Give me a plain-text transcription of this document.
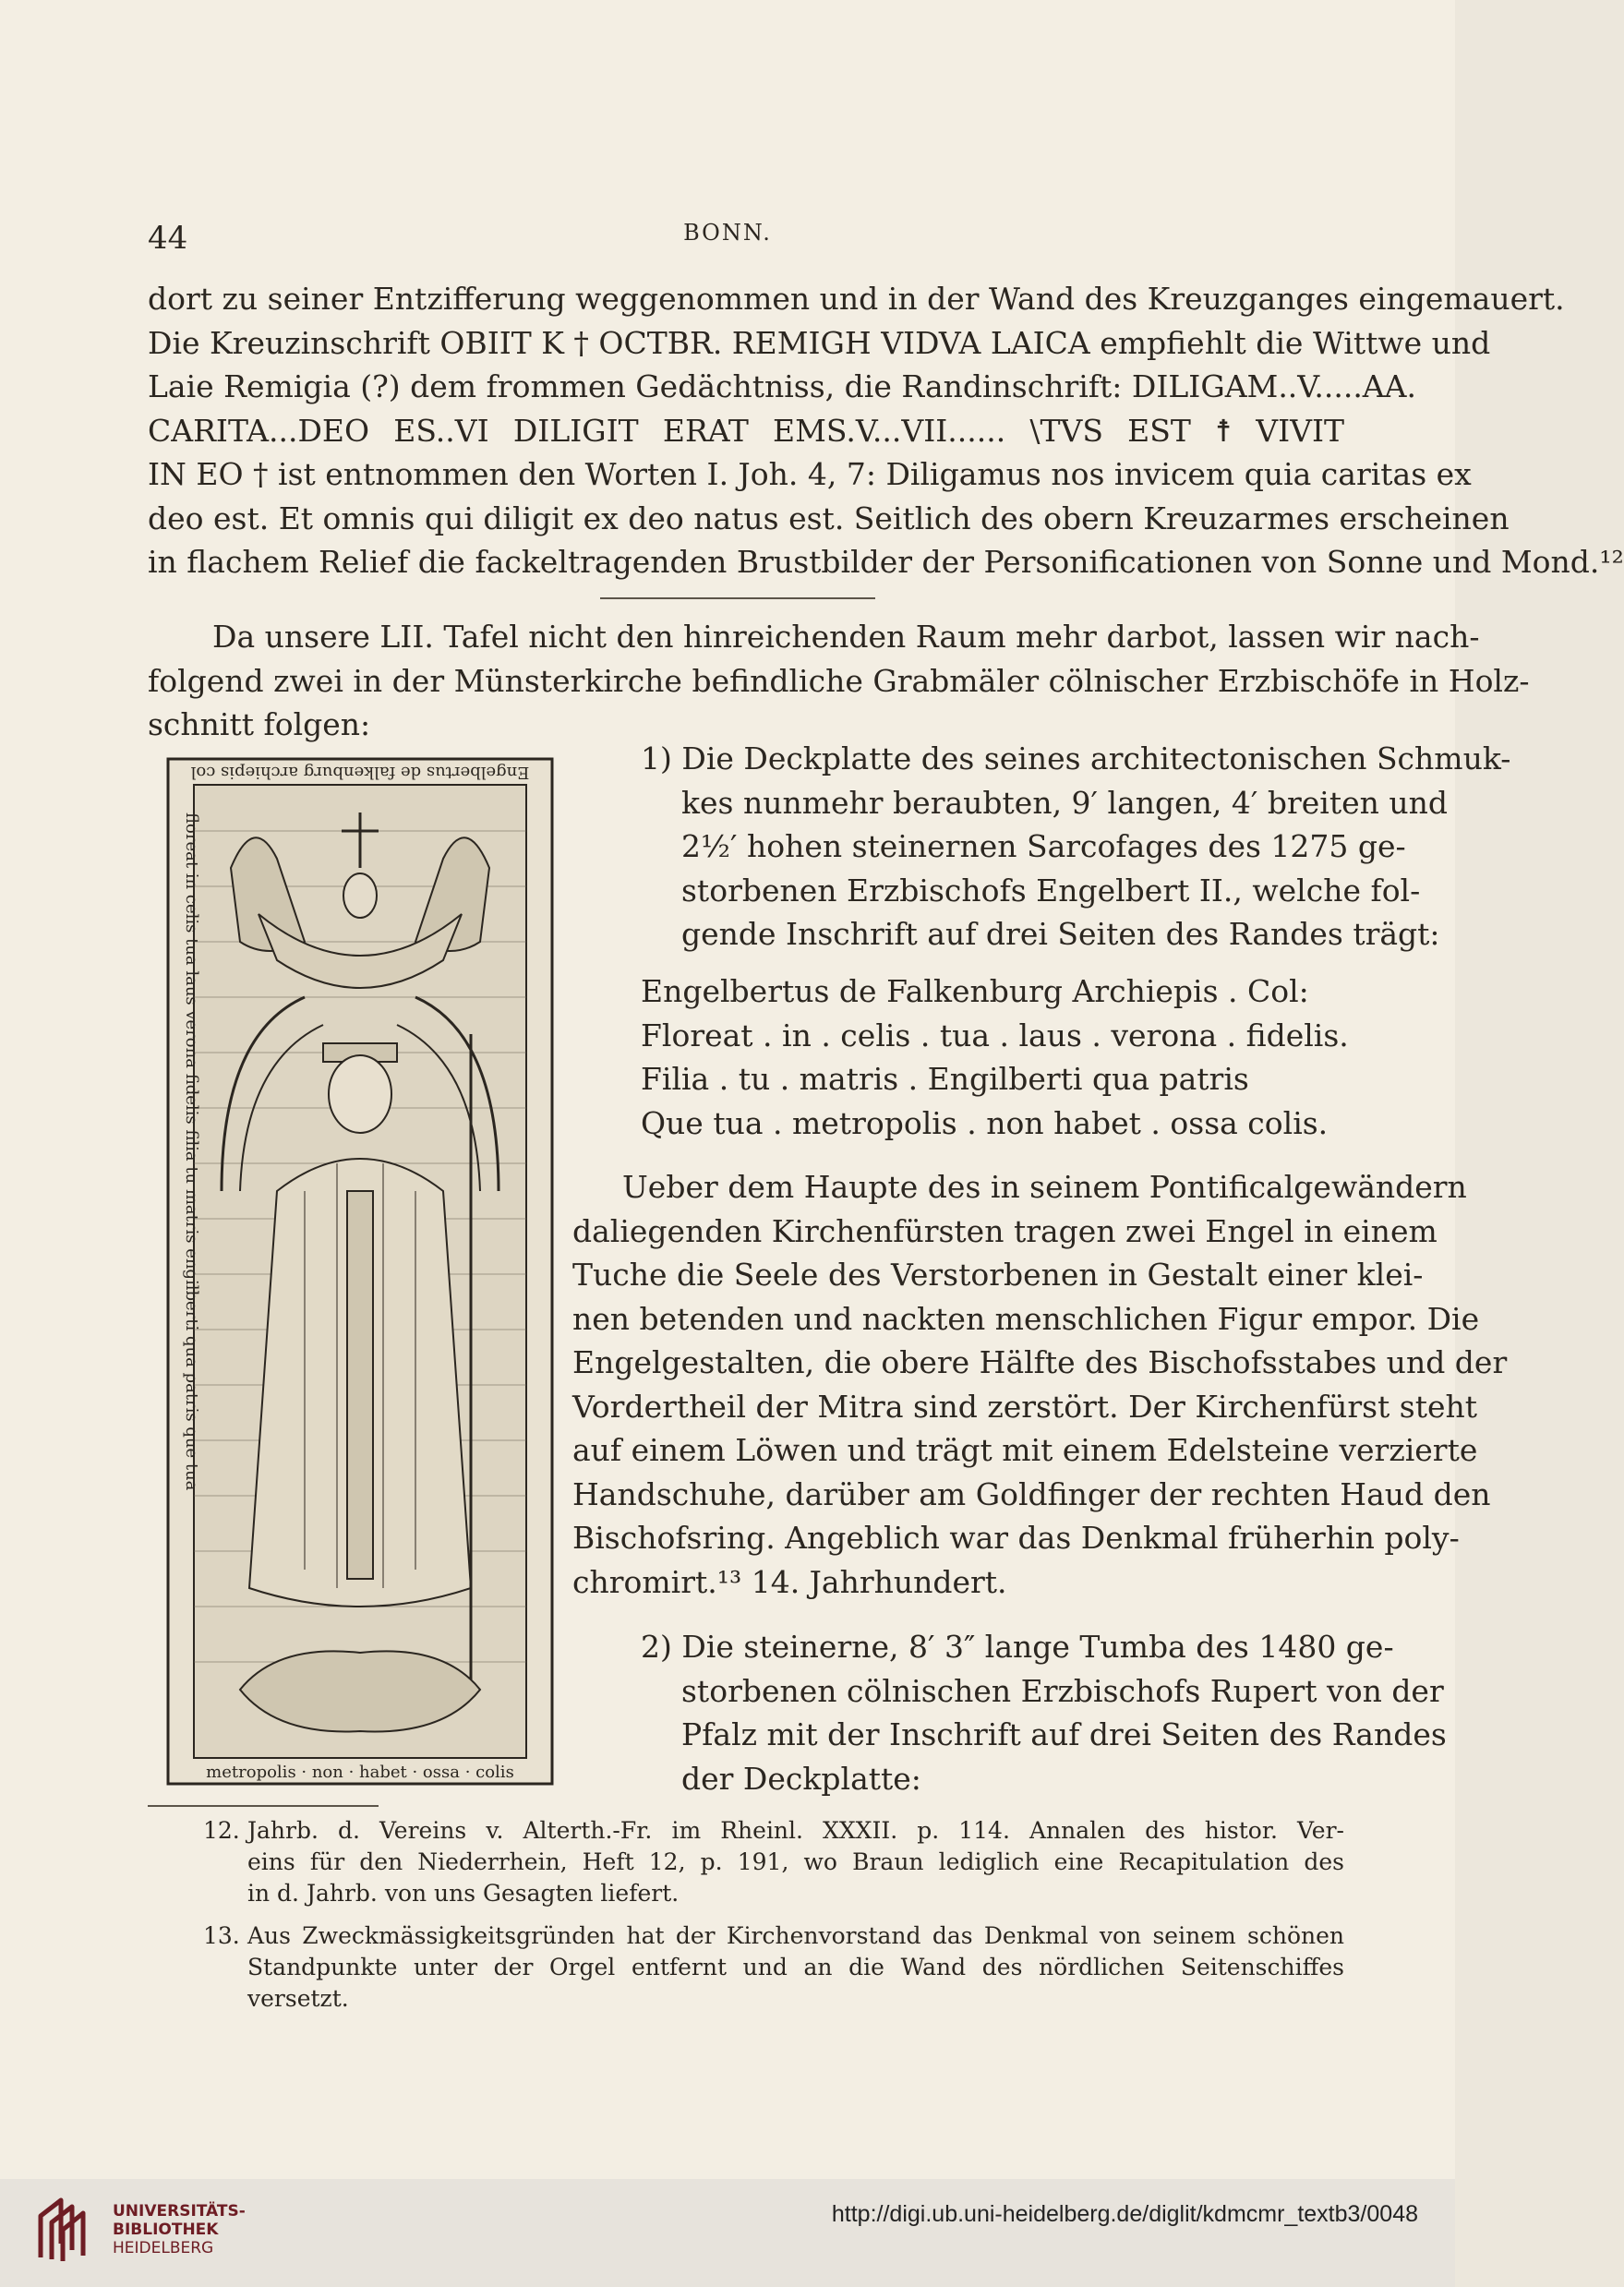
44	BONN.
dort zu seiner Entzifferung weggenommen und in der Wand des Kreuzganges eingemauert.
Die Kreuzinschrift OBIIT K † OCTBR. REMIGH VIDVA LAICA empfiehlt die Wittwe und
Laie Remigia (?) dem frommen Gedächtniss, die Randinschrift: DILIGAM..V.....AA.
CARITA...DEO ES..VI DILIGIT ERAT EMS.V...VII...... \TVS EST ☨ VIVIT
IN EO † ist entnommen den Worten I. Joh. 4, 7: Diligamus nos invicem quia caritas ex
deo est. Et omnis qui diligit ex deo natus est. Seitlich des obern Kreuzarmes erscheinen
in flachem Relief die fackeltragenden Brustbilder der Personificationen von Sonne und Mond.¹²
Da unsere LII. Tafel nicht den hinreichenden Raum mehr darbot, lassen wir nach-
folgend zwei in der Münsterkirche befindliche Grabmäler cölnischer Erzbischöfe in Holz-
schnitt folgen:
Engelbertus de falkenburg archiepis col
floreat in celis tua laus verona fidelis filia tu matris engilberti qua patris que tua
metropolis · non · habet · ossa · colis
1) Die Deckplatte des seines architectonischen Schmuk-
kes nunmehr beraubten, 9′ langen, 4′ breiten und
2½′ hohen steinernen Sarcofages des 1275 ge-
storbenen Erzbischofs Engelbert II., welche fol-
gende Inschrift auf drei Seiten des Randes trägt:
Engelbertus de Falkenburg Archiepis . Col:
Floreat . in . celis . tua . laus . verona . fidelis.
Filia . tu . matris . Engilberti qua patris
Que tua . metropolis . non habet . ossa colis.
Ueber dem Haupte des in seinem Pontificalgewändern
daliegenden Kirchenfürsten tragen zwei Engel in einem
Tuche die Seele des Verstorbenen in Gestalt einer klei-
nen betenden und nackten menschlichen Figur empor. Die
Engelgestalten, die obere Hälfte des Bischofsstabes und der
Vordertheil der Mitra sind zerstört. Der Kirchenfürst steht
auf einem Löwen und trägt mit einem Edelsteine verzierte
Handschuhe, darüber am Goldfinger der rechten Haud den
Bischofsring. Angeblich war das Denkmal früherhin poly-
chromirt.¹³ 14. Jahrhundert.
2) Die steinerne, 8′ 3″ lange Tumba des 1480 ge-
storbenen cölnischen Erzbischofs Rupert von der
Pfalz mit der Inschrift auf drei Seiten des Randes
der Deckplatte:
12. Jahrb. d. Vereins v. Alterth.-Fr. im Rheinl. XXXII. p. 114. Annalen des histor. Ver-
eins für den Niederrhein, Heft 12, p. 191, wo Braun lediglich eine Recapitulation des
in d. Jahrb. von uns Gesagten liefert.
13. Aus Zweckmässigkeitsgründen hat der Kirchenvorstand das Denkmal von seinem schönen
Standpunkte unter der Orgel entfernt und an die Wand des nördlichen Seitenschiffes
versetzt.
UNIVERSITÄTS-
BIBLIOTHEK
HEIDELBERG
http://digi.ub.uni-heidelberg.de/diglit/kdmcmr_textb3/0048
